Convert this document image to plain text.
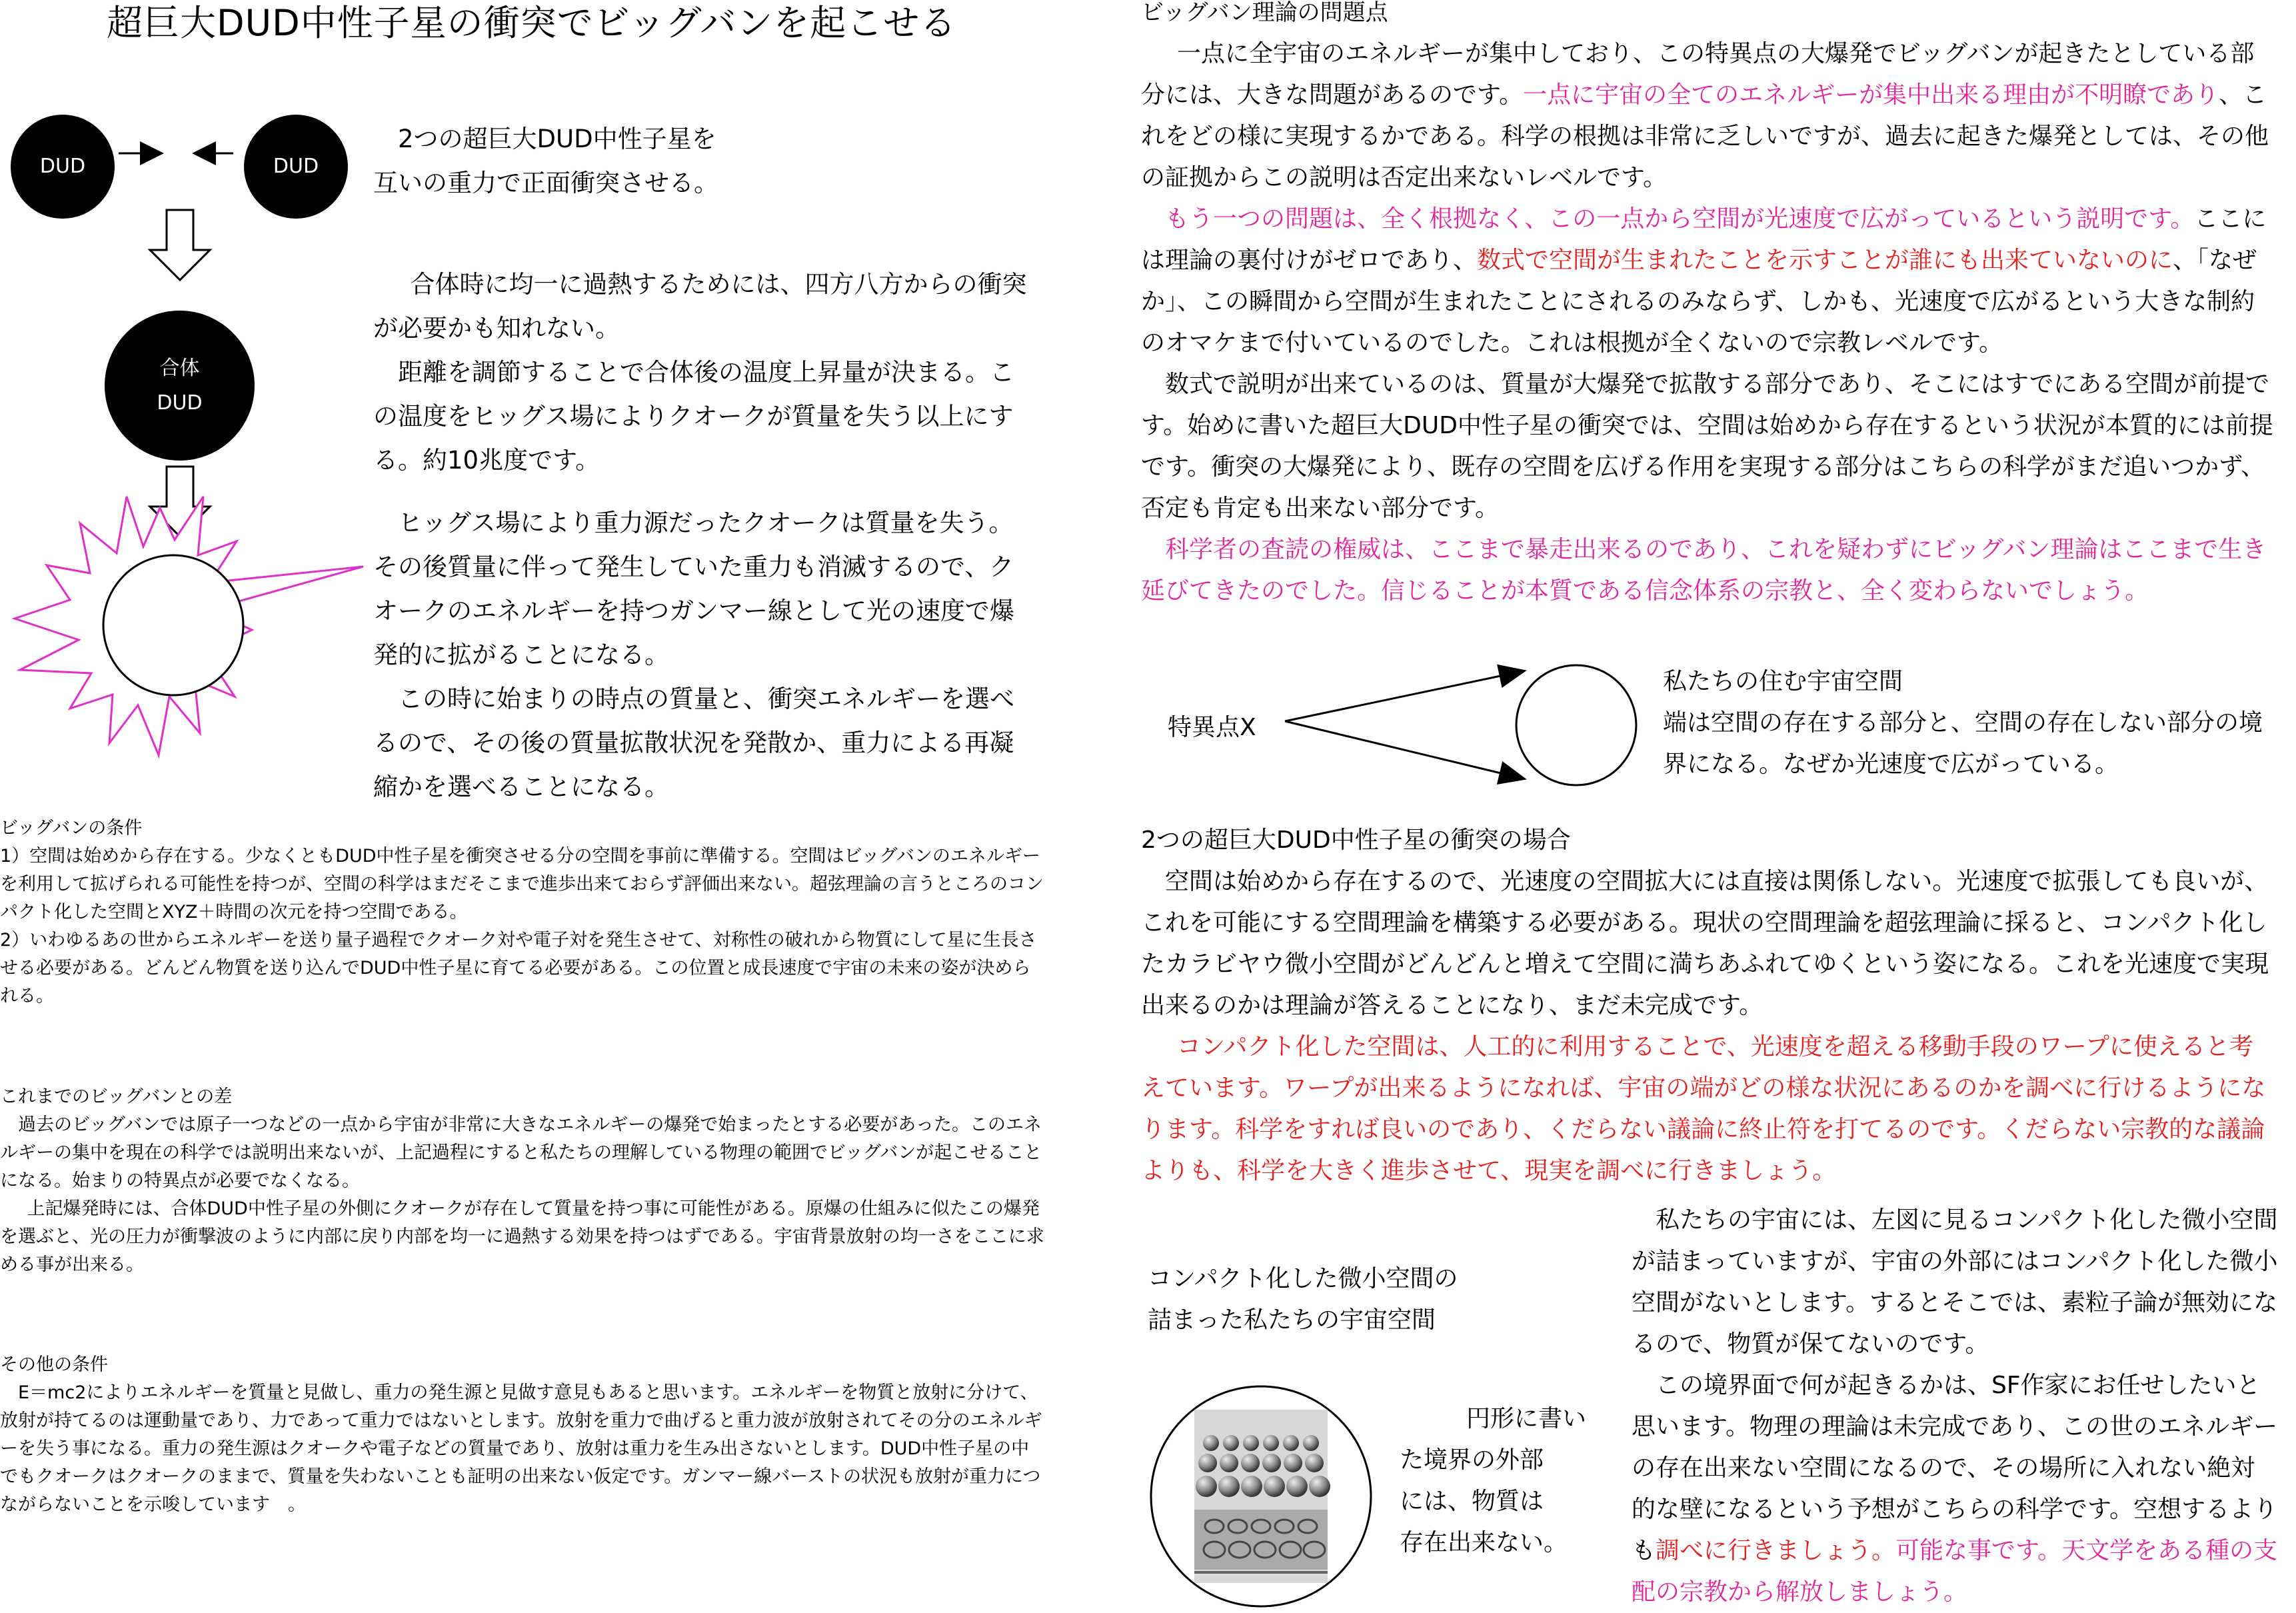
超巨大DUD中性子星の衝突でビッグバンを起こせる
DUD	DUD
合体
DUD

2つの超巨大DUD中性子星を

互いの重力で正面衝突させる。

合体時に均一に過熱するためには、四方八方からの衝突が必要かも知れない。

距離を調節することで合体後の温度上昇量が決まる。この温度をヒッグス場によりクオークが質量を失う以上にする。約10兆度です。

ヒッグス場により重力源だったクオークは質量を失う。その後質量に伴って発生していた重力も消滅するので、クオークのエネルギーを持つガンマー線として光の速度で爆発的に拡がることになる。

この時に始まりの時点の質量と、衝突エネルギーを選べるので、その後の質量拡散状況を発散か、重力による再凝縮かを選べることになる。

ビッグバンの条件

1）空間は始めから存在する。少なくともDUD中性子星を衝突させる分の空間を事前に準備する。空間はビッグバンのエネルギーを利用して拡げられる可能性を持つが、空間の科学はまだそこまで進歩出来ておらず評価出来ない。超弦理論の言うところのコンパクト化した空間とXYZ＋時間の次元を持つ空間である。

2）いわゆるあの世からエネルギーを送り量子過程でクオーク対や電子対を発生させて、対称性の破れから物質にして星に生長させる必要がある。どんどん物質を送り込んでDUD中性子星に育てる必要がある。この位置と成長速度で宇宙の未来の姿が決められる。

これまでのビッグバンとの差

過去のビッグバンでは原子一つなどの一点から宇宙が非常に大きなエネルギーの爆発で始まったとする必要があった。このエネルギーの集中を現在の科学では説明出来ないが、上記過程にすると私たちの理解している物理の範囲でビッグバンが起こせることになる。始まりの特異点が必要でなくなる。

上記爆発時には、合体DUD中性子星の外側にクオークが存在して質量を持つ事に可能性がある。原爆の仕組みに似たこの爆発を選ぶと、光の圧力が衝撃波のように内部に戻り内部を均一に過熱する効果を持つはずである。宇宙背景放射の均一さをここに求める事が出来る。

その他の条件

E＝mc2によりエネルギーを質量と見做し、重力の発生源と見做す意見もあると思います。エネルギーを物質と放射に分けて、放射が持てるのは運動量であり、力であって重力ではないとします。放射を重力で曲げると重力波が放射されてその分のエネルギーを失う事になる。重力の発生源はクオークや電子などの質量であり、放射は重力を生み出さないとします。DUD中性子星の中でもクオークはクオークのままで、質量を失わないことも証明の出来ない仮定です。ガンマー線バーストの状況も放射が重力につながらないことを示唆しています　。

ビッグバン理論の問題点

一点に全宇宙のエネルギーが集中しており、この特異点の大爆発でビッグバンが起きたとしている部分には、大きな問題があるのです。一点に宇宙の全てのエネルギーが集中出来る理由が不明瞭であり、これをどの様に実現するかである。科学の根拠は非常に乏しいですが、過去に起きた爆発としては、その他の証拠からこの説明は否定出来ないレベルです。

もう一つの問題は、全く根拠なく、この一点から空間が光速度で広がっているという説明です。ここには理論の裏付けがゼロであり、数式で空間が生まれたことを示すことが誰にも出来ていないのに、「なぜか」、この瞬間から空間が生まれたことにされるのみならず、しかも、光速度で広がるという大きな制約のオマケまで付いているのでした。これは根拠が全くないので宗教レベルです。

数式で説明が出来ているのは、質量が大爆発で拡散する部分であり、そこにはすでにある空間が前提です。始めに書いた超巨大DUD中性子星の衝突では、空間は始めから存在するという状況が本質的には前提です。衝突の大爆発により、既存の空間を広げる作用を実現する部分はこちらの科学がまだ追いつかず、否定も肯定も出来ない部分です。

科学者の査読の権威は、ここまで暴走出来るのであり、これを疑わずにビッグバン理論はここまで生き延びてきたのでした。信じることが本質である信念体系の宗教と、全く変わらないでしょう。

特異点X

私たちの住む宇宙空間

端は空間の存在する部分と、空間の存在しない部分の境界になる。なぜか光速度で広がっている。

2つの超巨大DUD中性子星の衝突の場合

空間は始めから存在するので、光速度の空間拡大には直接は関係しない。光速度で拡張しても良いが、これを可能にする空間理論を構築する必要がある。現状の空間理論を超弦理論に採ると、コンパクト化したカラビヤウ微小空間がどんどんと増えて空間に満ちあふれてゆくという姿になる。これを光速度で実現出来るのかは理論が答えることになり、まだ未完成です。

コンパクト化した空間は、人工的に利用することで、光速度を超える移動手段のワープに使えると考えています。ワープが出来るようになれば、宇宙の端がどの様な状況にあるのかを調べに行けるようになります。科学をすれば良いのであり、くだらない議論に終止符を打てるのです。くだらない宗教的な議論よりも、科学を大きく進歩させて、現実を調べに行きましょう。

コンパクト化した微小空間の

詰まった私たちの宇宙空間

円形に書い

た境界の外部

には、物質は

存在出来ない。

私たちの宇宙には、左図に見るコンパクト化した微小空間が詰まっていますが、宇宙の外部にはコンパクト化した微小空間がないとします。するとそこでは、素粒子論が無効になるので、物質が保てないのです。

この境界面で何が起きるかは、SF作家にお任せしたいと思います。物理の理論は未完成であり、この世のエネルギーの存在出来ない空間になるので、その場所に入れない絶対的な壁になるという予想がこちらの科学です。空想するよりも調べに行きましょう。可能な事です。天文学をある種の支配の宗教から解放しましょう。
